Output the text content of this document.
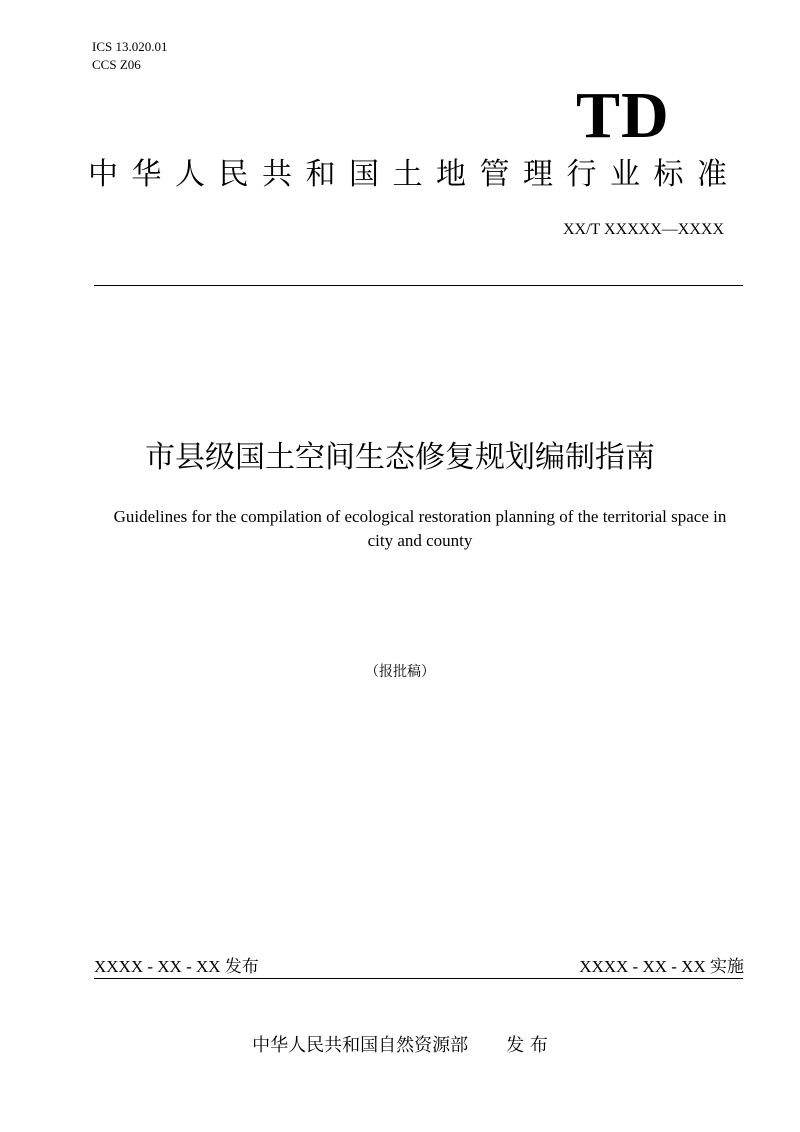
ICS 13.020.01
CCS Z06
TD
中华人民共和国土地管理行业标准
XX/T XXXXX—XXXX
市县级国土空间生态修复规划编制指南
Guidelines for the compilation of ecological restoration planning of the territorial space in city and county
（报批稿）
XXXX - XX - XX 发布	XXXX - XX - XX 实施
中华人民共和国自然资源部 发 布
